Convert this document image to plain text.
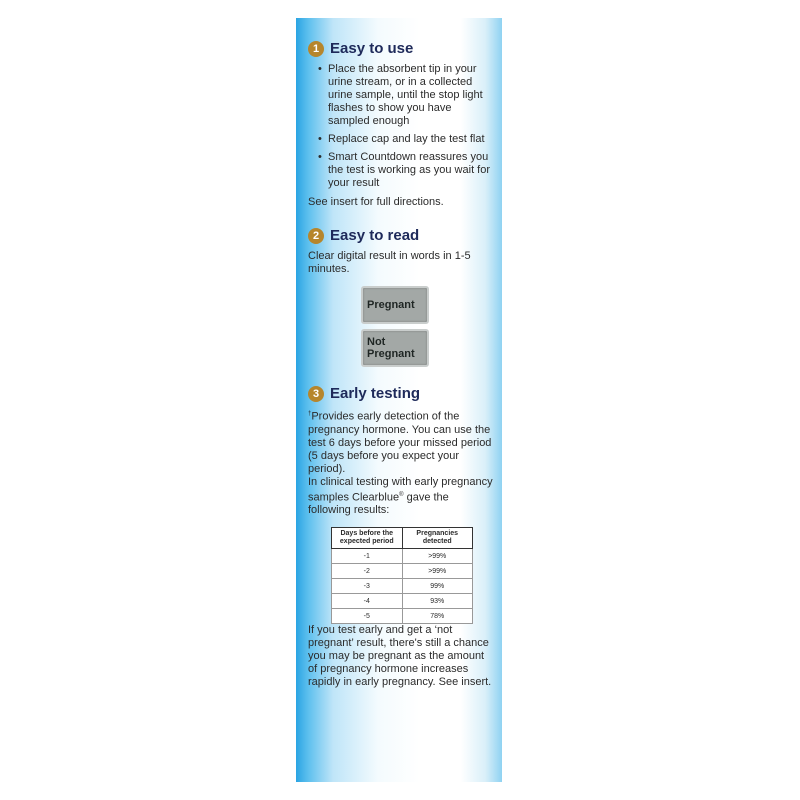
1 Easy to use
• Place the absorbent tip in your urine stream, or in a collected urine sample, until the stop light flashes to show you have sampled enough
• Replace cap and lay the test flat
• Smart Countdown reassures you the test is working as you wait for your result

See insert for full directions.

2 Easy to read

Clear digital result in words in 1-5 minutes.

Pregnant
Not
Pregnant
3 Early testing

†Provides early detection of the pregnancy hormone. You can use the test 6 days before your missed period (5 days before you expect your period).

In clinical testing with early pregnancy samples Clearblue® gave the following results:

Days before the expected period	Pregnancies detected
-1	>99%
-2	>99%
-3	99%
-4	93%
-5	78%

If you test early and get a ‘not pregnant’ result, there's still a chance you may be pregnant as the amount of pregnancy hormone increases rapidly in early pregnancy. See insert.
